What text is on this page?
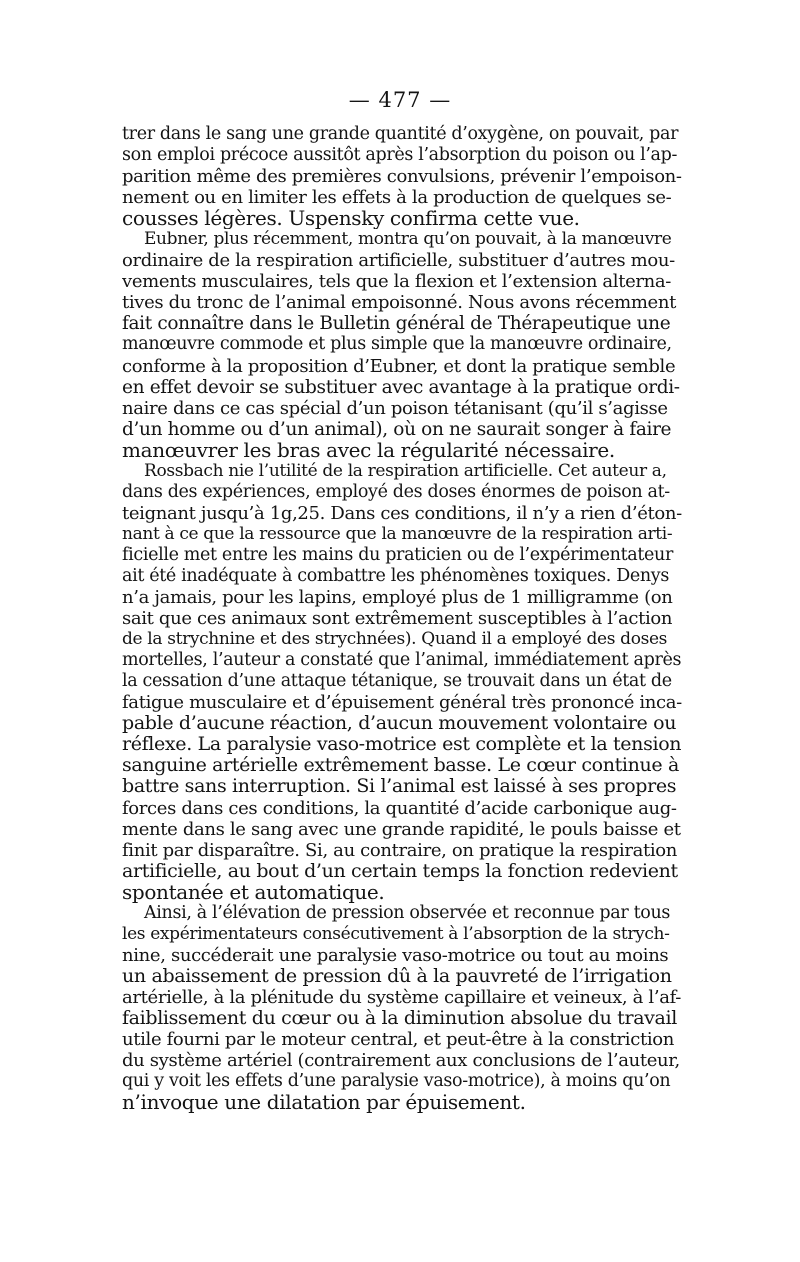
— 477 —
trer dans le sang une grande quantité d’oxygène, on pouvait, par
son emploi précoce aussitôt après l’absorption du poison ou l’ap-
parition même des premières convulsions, prévenir l’empoison-
nement ou en limiter les effets à la production de quelques se-
cousses légères. Uspensky confirma cette vue.
Eubner, plus récemment, montra qu’on pouvait, à la manœuvre
ordinaire de la respiration artificielle, substituer d’autres mou-
vements musculaires, tels que la flexion et l’extension alterna-
tives du tronc de l’animal empoisonné. Nous avons récemment
fait connaître dans le Bulletin général de Thérapeutique une
manœuvre commode et plus simple que la manœuvre ordinaire,
conforme à la proposition d’Eubner, et dont la pratique semble
en effet devoir se substituer avec avantage à la pratique ordi-
naire dans ce cas spécial d’un poison tétanisant (qu’il s’agisse
d’un homme ou d’un animal), où on ne saurait songer à faire
manœuvrer les bras avec la régularité nécessaire.
Rossbach nie l’utilité de la respiration artificielle. Cet auteur a,
dans des expériences, employé des doses énormes de poison at-
teignant jusqu’à 1g,25. Dans ces conditions, il n’y a rien d’éton-
nant à ce que la ressource que la manœuvre de la respiration arti-
ficielle met entre les mains du praticien ou de l’expérimentateur
ait été inadéquate à combattre les phénomènes toxiques. Denys
n’a jamais, pour les lapins, employé plus de 1 milligramme (on
sait que ces animaux sont extrêmement susceptibles à l’action
de la strychnine et des strychnées). Quand il a employé des doses
mortelles, l’auteur a constaté que l’animal, immédiatement après
la cessation d’une attaque tétanique, se trouvait dans un état de
fatigue musculaire et d’épuisement général très prononcé inca-
pable d’aucune réaction, d’aucun mouvement volontaire ou
réflexe. La paralysie vaso-motrice est complète et la tension
sanguine artérielle extrêmement basse. Le cœur continue à
battre sans interruption. Si l’animal est laissé à ses propres
forces dans ces conditions, la quantité d’acide carbonique aug-
mente dans le sang avec une grande rapidité, le pouls baisse et
finit par disparaître. Si, au contraire, on pratique la respiration
artificielle, au bout d’un certain temps la fonction redevient
spontanée et automatique.
Ainsi, à l’élévation de pression observée et reconnue par tous
les expérimentateurs consécutivement à l’absorption de la strych-
nine, succéderait une paralysie vaso-motrice ou tout au moins
un abaissement de pression dû à la pauvreté de l’irrigation
artérielle, à la plénitude du système capillaire et veineux, à l’af-
faiblissement du cœur ou à la diminution absolue du travail
utile fourni par le moteur central, et peut-être à la constriction
du système artériel (contrairement aux conclusions de l’auteur,
qui y voit les effets d’une paralysie vaso-motrice), à moins qu’on
n’invoque une dilatation par épuisement.
